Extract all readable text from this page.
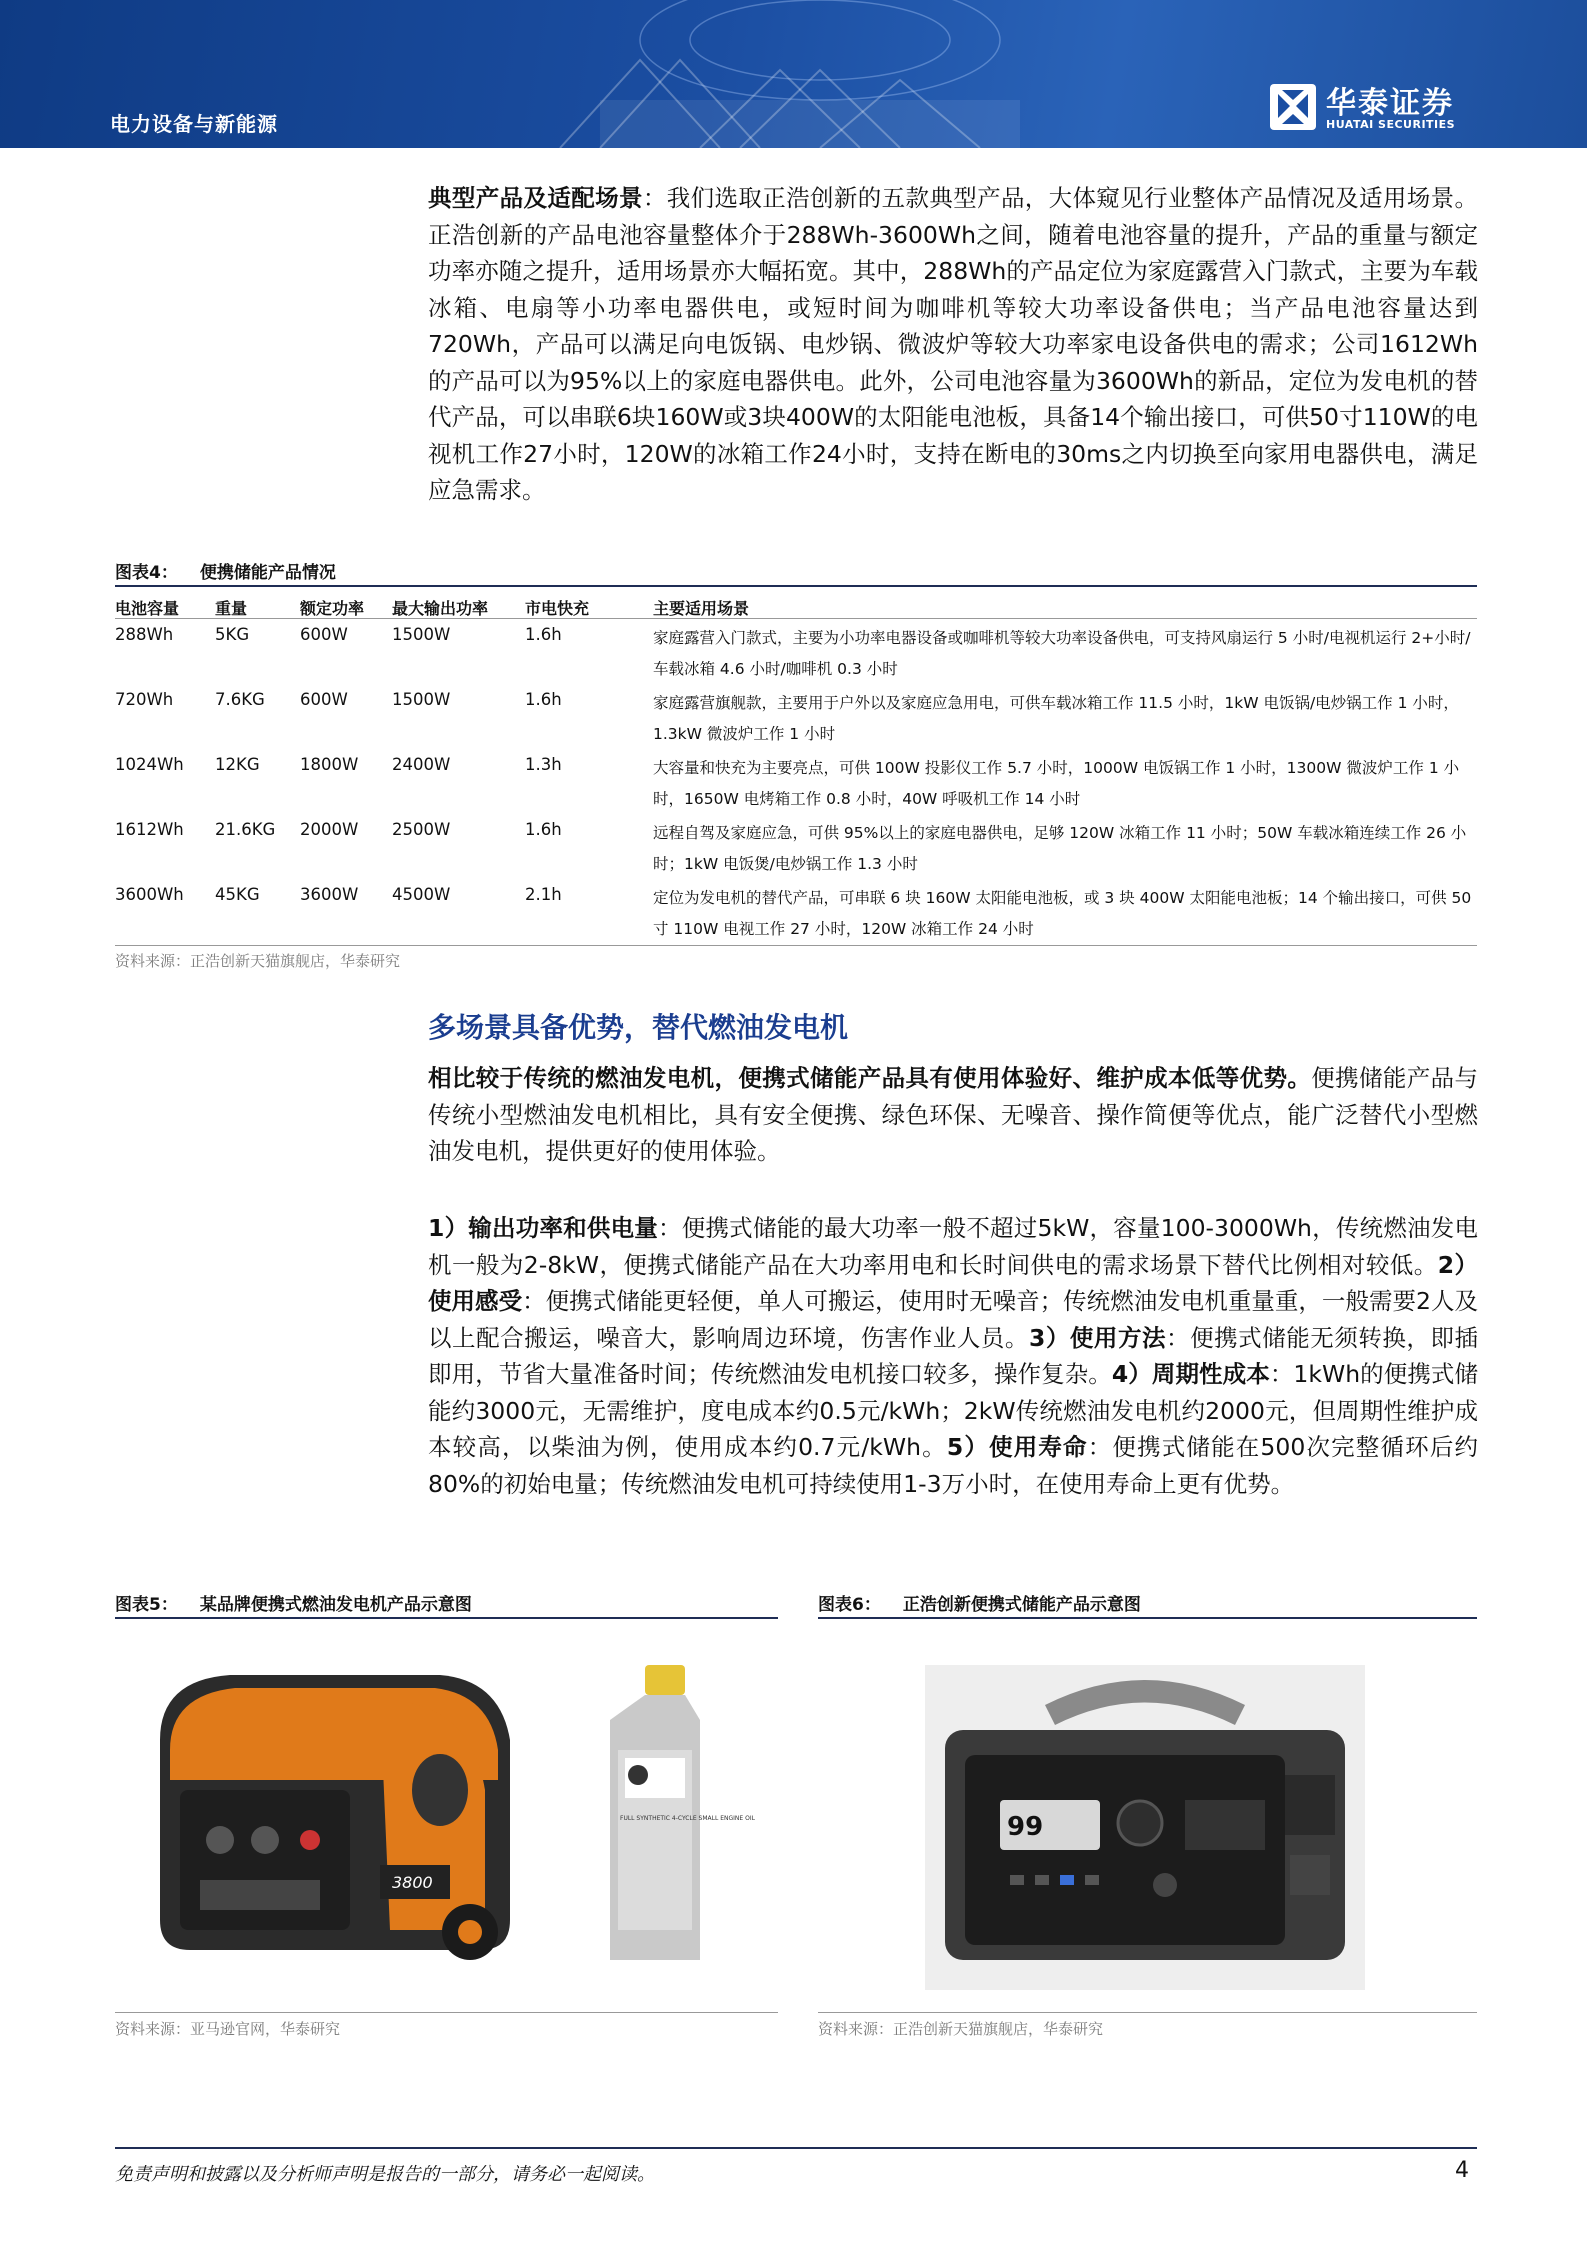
电力设备与新能源
华泰证券
HUATAI SECURITIES
典型产品及适配场景：我们选取正浩创新的五款典型产品，大体窥见行业整体产品情况及适用场景。正浩创新的产品电池容量整体介于288Wh-3600Wh之间，随着电池容量的提升，产品的重量与额定功率亦随之提升，适用场景亦大幅拓宽。其中，288Wh的产品定位为家庭露营入门款式，主要为车载冰箱、电扇等小功率电器供电，或短时间为咖啡机等较大功率设备供电；当产品电池容量达到720Wh，产品可以满足向电饭锅、电炒锅、微波炉等较大功率家电设备供电的需求；公司1612Wh的产品可以为95%以上的家庭电器供电。此外，公司电池容量为3600Wh的新品，定位为发电机的替代产品，可以串联6块160W或3块400W的太阳能电池板，具备14个输出接口，可供50寸110W的电视机工作27小时，120W的冰箱工作24小时，支持在断电的30ms之内切换至向家用电器供电，满足应急需求。
图表4： 便携储能产品情况
电池容量 重量	额定功率 最大输出功率 市电快充	主要适用场景
288Wh	5KG	600W	1500W	1.6h	家庭露营入门款式，主要为小功率电器设备或咖啡机等较大功率设备供电，可支持风扇运行 5 小时/电视机运行 2+小时/车载冰箱 4.6 小时/咖啡机 0.3 小时
720Wh	7.6KG 600W	1500W	1.6h	家庭露营旗舰款，主要用于户外以及家庭应急用电，可供车载冰箱工作 11.5 小时，1kW 电饭锅/电炒锅工作 1 小时，1.3kW 微波炉工作 1 小时
1024Wh 12KG 1800W 2400W	1.3h	大容量和快充为主要亮点，可供 100W 投影仪工作 5.7 小时，1000W 电饭锅工作 1 小时，1300W 微波炉工作 1 小时，1650W 电烤箱工作 0.8 小时，40W 呼吸机工作 14 小时
1612Wh 21.6KG 2000W 2500W	1.6h	远程自驾及家庭应急，可供 95%以上的家庭电器供电，足够 120W 冰箱工作 11 小时；50W 车载冰箱连续工作 26 小时；1kW 电饭煲/电炒锅工作 1.3 小时
3600Wh 45KG 3600W 4500W	2.1h	定位为发电机的替代产品，可串联 6 块 160W 太阳能电池板，或 3 块 400W 太阳能电池板；14 个输出接口，可供 50 寸 110W 电视工作 27 小时，120W 冰箱工作 24 小时
资料来源：正浩创新天猫旗舰店，华泰研究
多场景具备优势，替代燃油发电机
相比较于传统的燃油发电机，便携式储能产品具有使用体验好、维护成本低等优势。便携储能产品与传统小型燃油发电机相比，具有安全便携、绿色环保、无噪音、操作简便等优点，能广泛替代小型燃油发电机，提供更好的使用体验。
1）输出功率和供电量：便携式储能的最大功率一般不超过5kW，容量100-3000Wh，传统燃油发电机一般为2-8kW，便携式储能产品在大功率用电和长时间供电的需求场景下替代比例相对较低。2）使用感受：便携式储能更轻便，单人可搬运，使用时无噪音；传统燃油发电机重量重，一般需要2人及以上配合搬运，噪音大，影响周边环境，伤害作业人员。3）使用方法：便携式储能无须转换，即插即用，节省大量准备时间；传统燃油发电机接口较多，操作复杂。4）周期性成本：1kWh的便携式储能约3000元，无需维护，度电成本约0.5元/kWh；2kW传统燃油发电机约2000元，但周期性维护成本较高，以柴油为例，使用成本约0.7元/kWh。5）使用寿命：便携式储能在500次完整循环后约80%的初始电量；传统燃油发电机可持续使用1-3万小时，在使用寿命上更有优势。
图表5： 某品牌便携式燃油发电机产品示意图
3800
FULL SYNTHETIC 4-CYCLE SMALL ENGINE OIL
资料来源：亚马逊官网，华泰研究
图表6： 正浩创新便携式储能产品示意图
99
资料来源：正浩创新天猫旗舰店，华泰研究
免责声明和披露以及分析师声明是报告的一部分，请务必一起阅读。	4
